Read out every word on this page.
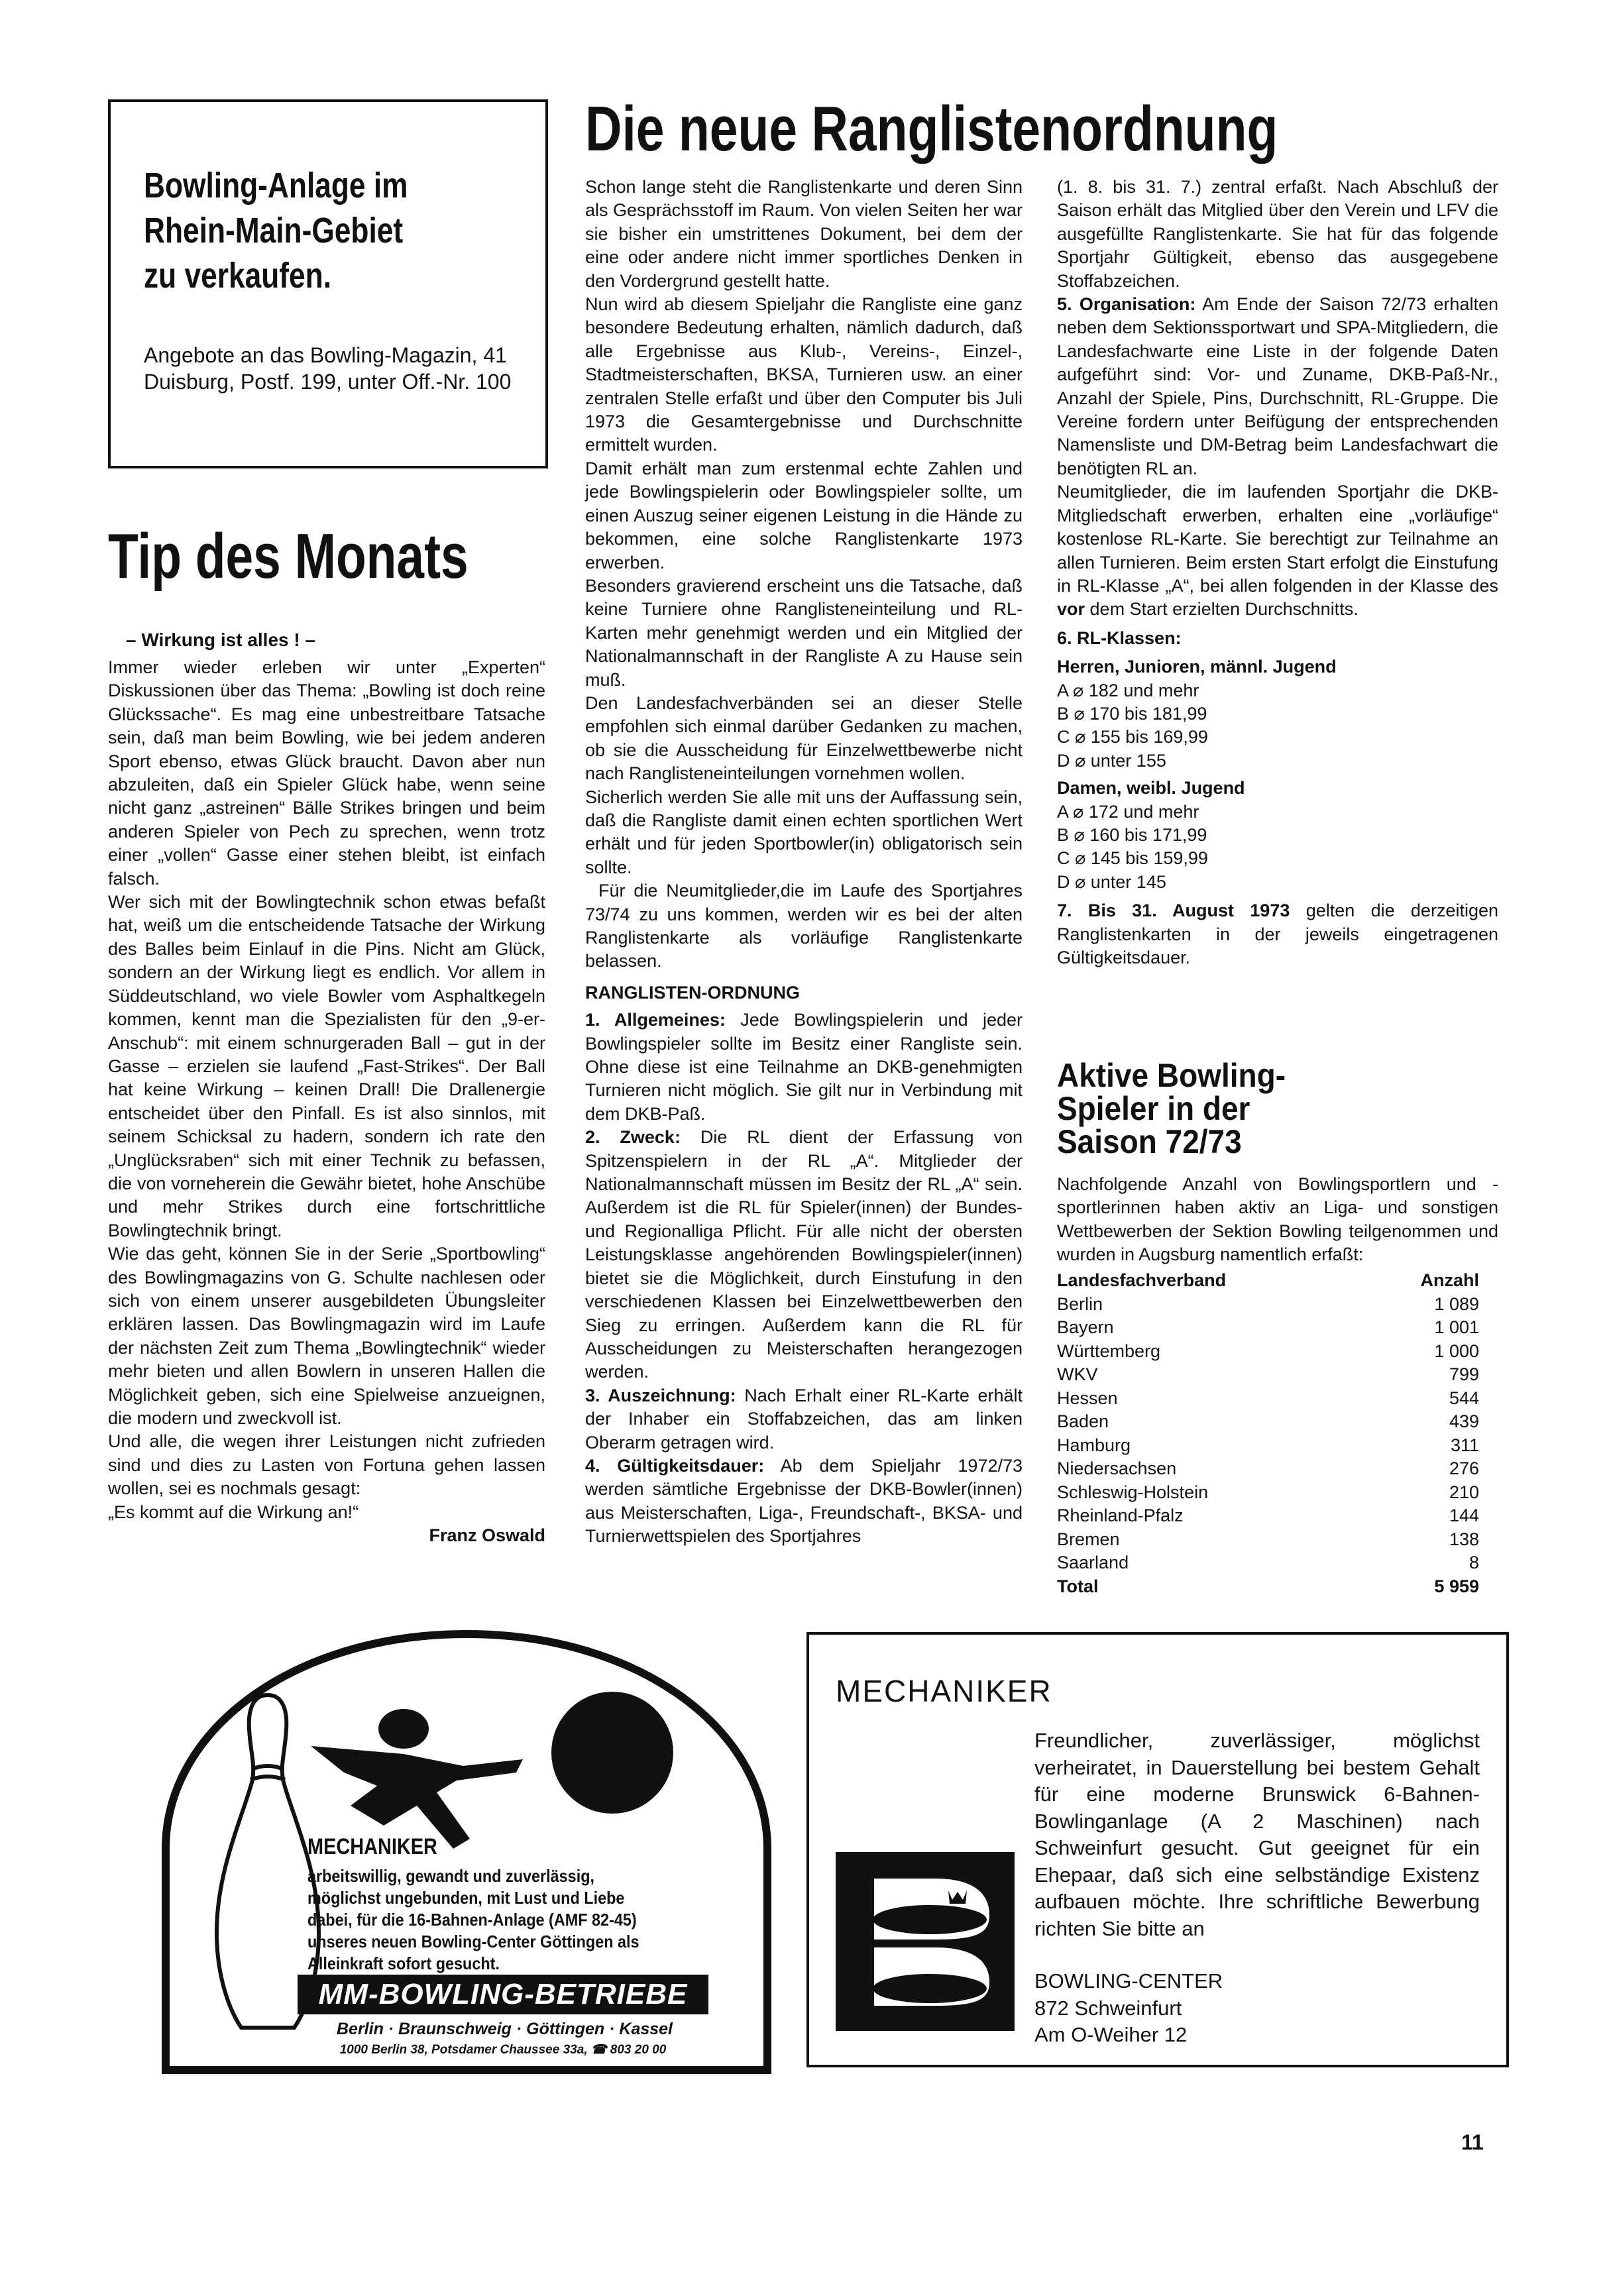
Bowling-Anlage im
Rhein-Main-Gebiet
zu verkaufen.

Angebote an das Bowling-Magazin, 41 Duisburg, Postf. 199, unter Off.-Nr. 100

Tip des Monats
– Wirkung ist alles ! –

Immer wieder erleben wir unter „Experten“ Diskussionen über das Thema: „Bowling ist doch reine Glückssache“. Es mag eine unbestreitbare Tatsache sein, daß man beim Bowling, wie bei jedem anderen Sport ebenso, etwas Glück braucht. Davon aber nun abzuleiten, daß ein Spieler Glück habe, wenn seine nicht ganz „astreinen“ Bälle Strikes bringen und beim anderen Spieler von Pech zu sprechen, wenn trotz einer „vollen“ Gasse einer stehen bleibt, ist einfach falsch.

Wer sich mit der Bowlingtechnik schon etwas befaßt hat, weiß um die entscheidende Tatsache der Wirkung des Balles beim Einlauf in die Pins. Nicht am Glück, sondern an der Wirkung liegt es endlich. Vor allem in Süddeutschland, wo viele Bowler vom Asphaltkegeln kommen, kennt man die Spezialisten für den „9-er-Anschub“: mit einem schnurgeraden Ball – gut in der Gasse – erzielen sie laufend „Fast-Strikes“. Der Ball hat keine Wirkung – keinen Drall! Die Drallenergie entscheidet über den Pinfall. Es ist also sinnlos, mit seinem Schicksal zu hadern, sondern ich rate den „Unglücksraben“ sich mit einer Technik zu befassen, die von vorneherein die Gewähr bietet, hohe Anschübe und mehr Strikes durch eine fortschrittliche Bowlingtechnik bringt.

Wie das geht, können Sie in der Serie „Sportbowling“ des Bowlingmagazins von G. Schulte nachlesen oder sich von einem unserer ausgebildeten Übungsleiter erklären lassen. Das Bowlingmagazin wird im Laufe der nächsten Zeit zum Thema „Bowlingtechnik“ wieder mehr bieten und allen Bowlern in unseren Hallen die Möglichkeit geben, sich eine Spielweise anzueignen, die modern und zweckvoll ist.

Und alle, die wegen ihrer Leistungen nicht zufrieden sind und dies zu Lasten von Fortuna gehen lassen wollen, sei es nochmals gesagt:

„Es kommt auf die Wirkung an!“

Franz Oswald

Die neue Ranglistenordnung

Schon lange steht die Ranglistenkarte und deren Sinn als Gesprächsstoff im Raum. Von vielen Seiten her war sie bisher ein umstrittenes Dokument, bei dem der eine oder andere nicht immer sportliches Denken in den Vordergrund gestellt hatte.

Nun wird ab diesem Spieljahr die Rangliste eine ganz besondere Bedeutung erhalten, nämlich dadurch, daß alle Ergebnisse aus Klub-, Vereins-, Einzel-, Stadtmeisterschaften, BKSA, Turnieren usw. an einer zentralen Stelle erfaßt und über den Computer bis Juli 1973 die Gesamtergebnisse und Durchschnitte ermittelt wurden.

Damit erhält man zum erstenmal echte Zahlen und jede Bowlingspielerin oder Bowlingspieler sollte, um einen Auszug seiner eigenen Leistung in die Hände zu bekommen, eine solche Ranglistenkarte 1973 erwerben.

Besonders gravierend erscheint uns die Tatsache, daß keine Turniere ohne Ranglisteneinteilung und RL-Karten mehr genehmigt werden und ein Mitglied der Nationalmannschaft in der Rangliste A zu Hause sein muß.

Den Landesfachverbänden sei an dieser Stelle empfohlen sich einmal darüber Gedanken zu machen, ob sie die Ausscheidung für Einzelwettbewerbe nicht nach Ranglisteneinteilungen vornehmen wollen.

Sicherlich werden Sie alle mit uns der Auffassung sein, daß die Rangliste damit einen echten sportlichen Wert erhält und für jeden Sportbowler(in) obligatorisch sein sollte.

Für die Neumitglieder,die im Laufe des Sportjahres 73/74 zu uns kommen, werden wir es bei der alten Ranglistenkarte als vorläufige Ranglistenkarte belassen.

RANGLISTEN-ORDNUNG

1. Allgemeines: Jede Bowlingspielerin und jeder Bowlingspieler sollte im Besitz einer Rangliste sein. Ohne diese ist eine Teilnahme an DKB-genehmigten Turnieren nicht möglich. Sie gilt nur in Verbindung mit dem DKB-Paß.

2. Zweck: Die RL dient der Erfassung von Spitzenspielern in der RL „A“. Mitglieder der Nationalmannschaft müssen im Besitz der RL „A“ sein. Außerdem ist die RL für Spieler(innen) der Bundes- und Regionalliga Pflicht. Für alle nicht der obersten Leistungsklasse angehörenden Bowlingspieler(innen) bietet sie die Möglichkeit, durch Einstufung in den verschiedenen Klassen bei Einzelwettbewerben den Sieg zu erringen. Außerdem kann die RL für Ausscheidungen zu Meisterschaften herangezogen werden.

3. Auszeichnung: Nach Erhalt einer RL-Karte erhält der Inhaber ein Stoffabzeichen, das am linken Oberarm getragen wird.

4. Gültigkeitsdauer: Ab dem Spieljahr 1972/73 werden sämtliche Ergebnisse der DKB-Bowler(innen) aus Meisterschaften, Liga-, Freundschaft-, BKSA- und Turnierwettspielen des Sportjahres

(1. 8. bis 31. 7.) zentral erfaßt. Nach Abschluß der Saison erhält das Mitglied über den Verein und LFV die ausgefüllte Ranglistenkarte. Sie hat für das folgende Sportjahr Gültigkeit, ebenso das ausgegebene Stoffabzeichen.

5. Organisation: Am Ende der Saison 72/73 erhalten neben dem Sektionssportwart und SPA-Mitgliedern, die Landesfachwarte eine Liste in der folgende Daten aufgeführt sind: Vor- und Zuname, DKB-Paß-Nr., Anzahl der Spiele, Pins, Durchschnitt, RL-Gruppe. Die Vereine fordern unter Beifügung der entsprechenden Namensliste und DM-Betrag beim Landesfachwart die benötigten RL an.

Neumitglieder, die im laufenden Sportjahr die DKB-Mitgliedschaft erwerben, erhalten eine „vorläufige“ kostenlose RL-Karte. Sie berechtigt zur Teilnahme an allen Turnieren. Beim ersten Start erfolgt die Einstufung in RL-Klasse „A“, bei allen folgenden in der Klasse des vor dem Start erzielten Durchschnitts.

6. RL-Klassen:

Herren, Junioren, männl. Jugend

A ⌀ 182 und mehr
B ⌀ 170 bis 181,99
C ⌀ 155 bis 169,99
D ⌀ unter 155

Damen, weibl. Jugend

A ⌀ 172 und mehr
B ⌀ 160 bis 171,99
C ⌀ 145 bis 159,99
D ⌀ unter 145

7. Bis 31. August 1973 gelten die derzeitigen Ranglistenkarten in der jeweils eingetragenen Gültigkeitsdauer.

Aktive Bowling-
Spieler in der
Saison 72/73
Nachfolgende Anzahl von Bowlingsportlern und -sportlerinnen haben aktiv an Liga- und sonstigen Wettbewerben der Sektion Bowling teilgenommen und wurden in Augsburg namentlich erfaßt:
Landesfachverband	Anzahl
Berlin	1 089
Bayern	1 001
Württemberg	1 000
WKV	799
Hessen	544
Baden	439
Hamburg	311
Niedersachsen	276
Schleswig-Holstein	210
Rheinland-Pfalz	144
Bremen	138
Saarland	8
Total	5 959
MECHANIKER

arbeitswillig, gewandt und zuverlässig, möglichst ungebunden, mit Lust und Liebe dabei, für die 16-Bahnen-Anlage (AMF 82-45) unseres neuen Bowling-Center Göttingen als Alleinkraft sofort gesucht.

MM-BOWLING-BETRIEBE
Berlin · Braunschweig · Göttingen · Kassel
1000 Berlin 38, Potsdamer Chaussee 33a, ☎ 803 20 00
MECHANIKER

Freundlicher, zuverlässiger, möglichst verheiratet, in Dauerstellung bei bestem Gehalt für eine moderne Brunswick 6-Bahnen-Bowlinganlage (A 2 Maschinen) nach Schweinfurt gesucht. Gut geeignet für ein Ehepaar, daß sich eine selbständige Existenz aufbauen möchte. Ihre schriftliche Bewerbung richten Sie bitte an

BOWLING-CENTER
872 Schweinfurt
Am O-Weiher 12
11
